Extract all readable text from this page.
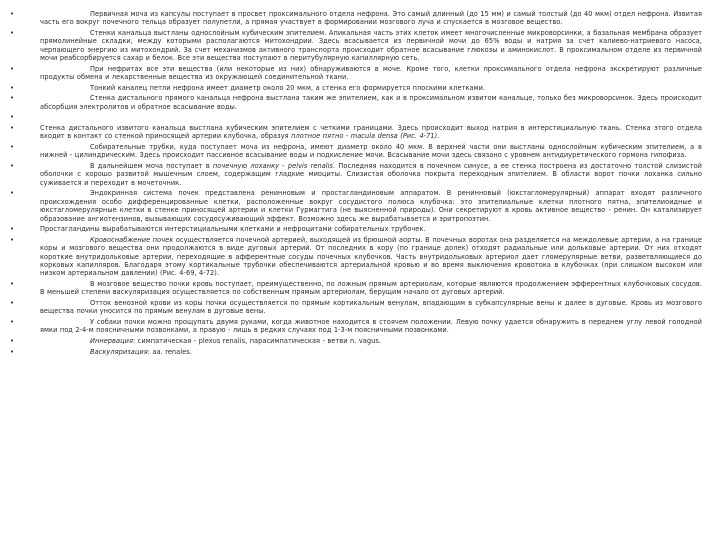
•	Первичная моча из капсулы поступает в просвет проксимального отдела нефрона. Это самый длинный (до 15 мм) и самый толстый (до 40 мкм) отдел нефрона. Извитая часть его вокруг почечного тельца образует полупетли, а прямая участвует в формировании мозгового луча и спускается в мозговое вещество.
•	Стенки канальца выстланы однослойным кубическим эпителием. Апикальная часть этих клеток имеет многочисленные микроворсинки, а базальная мембрана образует прямолинейные складки, между которыми располагаются митохондрии. Здесь всасывается из первичной мочи до 65% воды и натрия за счет калиево-натриевого насоса, черпающего энергию из митохондрий. За счет механизмов активного транспорта происходит обратное всасывание глюкозы и аминокислот. В проксимальном отделе из первичной мочи реабсорбируется сахар и белок. Все эти вещества поступают в перитубулярную капиллярную сеть.
•	При нефритах все эти вещества (или некоторые из них) обнаруживаются в моче. Кроме того, клетки проксимального отдела нефрона экскретируют различные продукты обмена и лекарственные вещества из окружающей соединительной ткани.
•	Тонкий каналец петли нефрона имеет диаметр около 20 мкм, а стенка его формируется плоскими клетками.
•	Стенка дистального прямого канальца нефрона выстлана таким же эпителием, как и в проксимальном извитом канальце, только без микроворсинок. Здесь происходит абсорбция электролитов и обратное всасывание воды.
•
•	Стенка дистального извитого канальца выстлана кубическим эпителием с четкими границами. Здесь происходит выход натрия в интерстициальную ткань. Стенка этого отдела входит в контакт со стенкой приносящей артерии клубочка, образуя плотное пятно - macula densa (Рис. 4-71).
•	Собирательные трубки, куда поступает моча из нефрона, имеют диаметр около 40 мкм. В верхней части они выстланы однослойным кубическим эпителием, а в нижней - цилиндрическим. Здесь происходит пассивное всасывание воды и подкисление мочи. Всасывание мочи здесь связано с уровнем антидиуретического гормона гипофиза.
•	В дальнейшем моча поступает в почечную лоханку - pelvis renalis. Последняя находится в почечном синусе, а ее стенка построена из достаточно толстой слизистой оболочки с хорошо развитой мышечным слоем, содержащим гладкие миоциты. Слизистая оболочка покрыта переходным эпителием. В области ворот почки лоханка сильно суживается и переходит в мочеточник.
•	Эндокринная система почек представлена ренинновым и простагландиновым аппаратом. В ренинновый (юкстагломерулярный) аппарат входят различного происхождения особо дифференцированные клетки, расположенные вокруг сосудистого полюса клубочка: это эпителиальные клетки плотного пятна, эпителиоидные и юкстагломерулярные клетки в стенке приносящей артерии и клетки Гурмагтига (не выясненной природы). Они секретируют в кровь активное вещество - ренин. Он катализирует образование ангиотензинов, вызывающих сосудосуживающий эффект. Возможно здесь же вырабатывается и эритропоэтин.
•	Простагландины вырабатываются интерстициальными клетками и нефроцитами собирательных трубочек.
•	Кровоснабжение почек осуществляется почечной артерией, выходящей из брюшной аорты. В почечных воротах она разделяется на междолевые артерии, а на границе коры и мозгового вещества они продолжаются в виде дуговых артерий. От последних в кору (по границе долек) отходят радиальные или дольковые артерии. От них отходят короткие внутридольковые артерии, переходящие в афферентные сосуды почечных клубочков. Часть внутридольковых артериол дает гломерулярные ветви, разветвляющиеся до корковых капилляров. Благодаря этому кортикальные трубочки обеспечиваются артериальной кровью и во время выключения кровотока в клубочках (при слишком высоком или низком артериальном давлении) (Рис. 4-69, 4-72).
•	В мозговое вещество почки кровь поступает, преимущественно, по ложным прямым артериолам, которые являются продолжением эфферентных клубочковых сосудов. В меньшей степени васкуляризация осуществляется по собственным прямым артериолам, берущим начало от дуговых артерий.
•	Отток венозной крови из коры почки осуществляется по прямым кортикальным венулам, впадающим в субкапсулярные вены и далее в дуговые. Кровь из мозгового вещества почки уносится по прямым венулам в дуговые вены.
•	У собаки почки можно прощупать двумя руками, когда животное находится в стоячем положении. Левую почку удается обнаружить в переднем углу левой голодной ямки под 2-4-м поясничными позвонками, а правую - лишь в редких случаях под 1-3-м поясничными позвонками.
•	Иннервация: симпатическая - plexus renalis, парасимпатическая - ветви n. vagus.
•	Васкуляризация: aa. renales.
